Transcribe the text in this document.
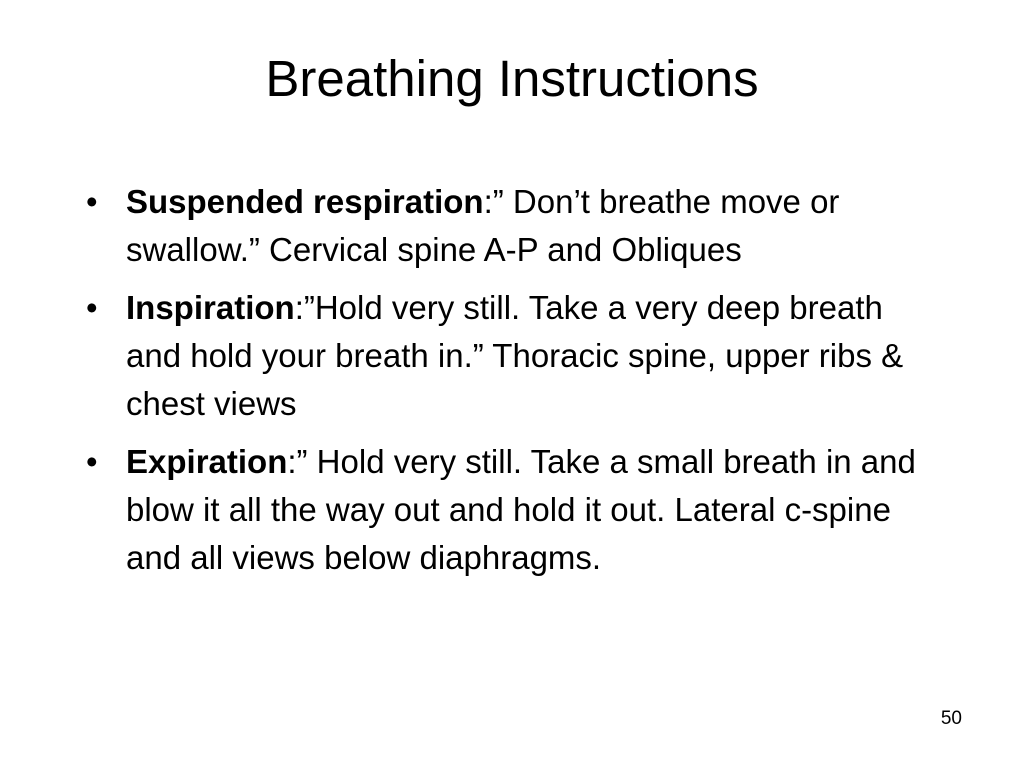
Breathing Instructions
• Suspended respiration:” Don’t breathe move or swallow.” Cervical spine A-P and Obliques
• Inspiration:”Hold very still. Take a very deep breath and hold your breath in.” Thoracic spine, upper ribs & chest views
• Expiration:” Hold very still. Take a small breath in and blow it all the way out and hold it out. Lateral c-spine and all views below diaphragms.
50
